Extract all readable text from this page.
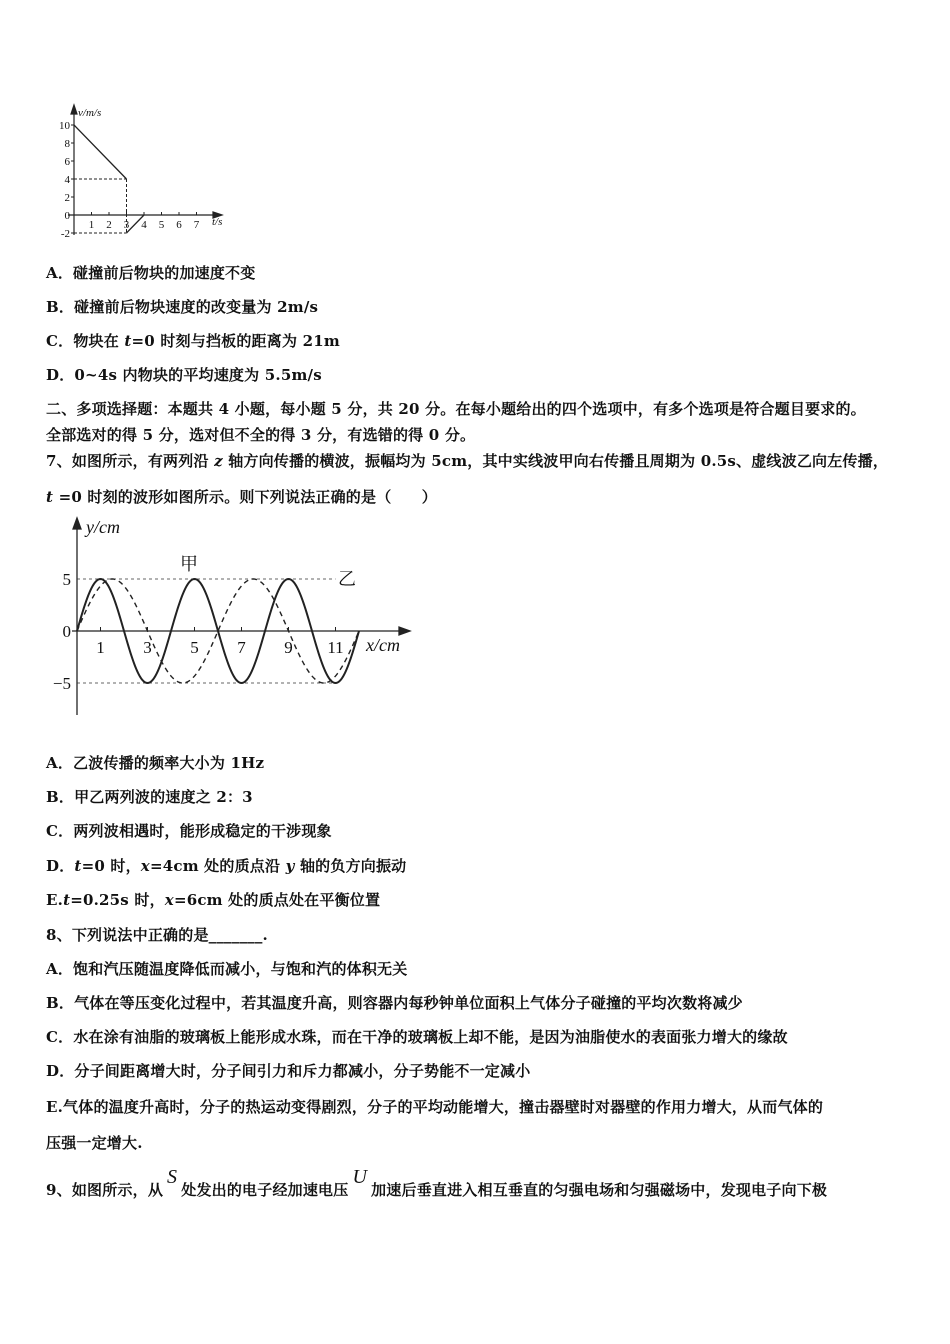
v/m/s
t/s
10
8
6
4
2
0
-2
1 2 3 4 5 6 7
A．碰撞前后物块的加速度不变
B．碰撞前后物块速度的改变量为 2m/s
C．物块在 t=0 时刻与挡板的距离为 21m
D．0~4s 内物块的平均速度为 5.5m/s
二、多项选择题：本题共 4 小题，每小题 5 分，共 20 分。在每小题给出的四个选项中，有多个选项是符合题目要求的。
全部选对的得 5 分，选对但不全的得 3 分，有选错的得 0 分。
7、如图所示，有两列沿 z 轴方向传播的横波，振幅均为 5cm，其中实线波甲向右传播且周期为 0.5s、虚线波乙向左传播，
t =0 时刻的波形如图所示。则下列说法正确的是（　　）
y/cm
x/cm
甲
乙
5
0
−5
1 3 5 7 9 11
A．乙波传播的频率大小为 1Hz
B．甲乙两列波的速度之 2：3
C．两列波相遇时，能形成稳定的干涉现象
D．t=0 时，x=4cm 处的质点沿 y 轴的负方向振动
E.t=0.25s 时，x=6cm 处的质点处在平衡位置
8、下列说法中正确的是_______.
A．饱和汽压随温度降低而减小，与饱和汽的体积无关
B．气体在等压变化过程中，若其温度升高，则容器内每秒钟单位面积上气体分子碰撞的平均次数将减少
C．水在涂有油脂的玻璃板上能形成水珠，而在干净的玻璃板上却不能，是因为油脂使水的表面张力增大的缘故
D．分子间距离增大时，分子间引力和斥力都减小，分子势能不一定减小
E.气体的温度升高时，分子的热运动变得剧烈，分子的平均动能增大，撞击器壁时对器壁的作用力增大，从而气体的
压强一定增大.
9、如图所示，从S处发出的电子经加速电压U加速后垂直进入相互垂直的匀强电场和匀强磁场中，发现电子向下极
